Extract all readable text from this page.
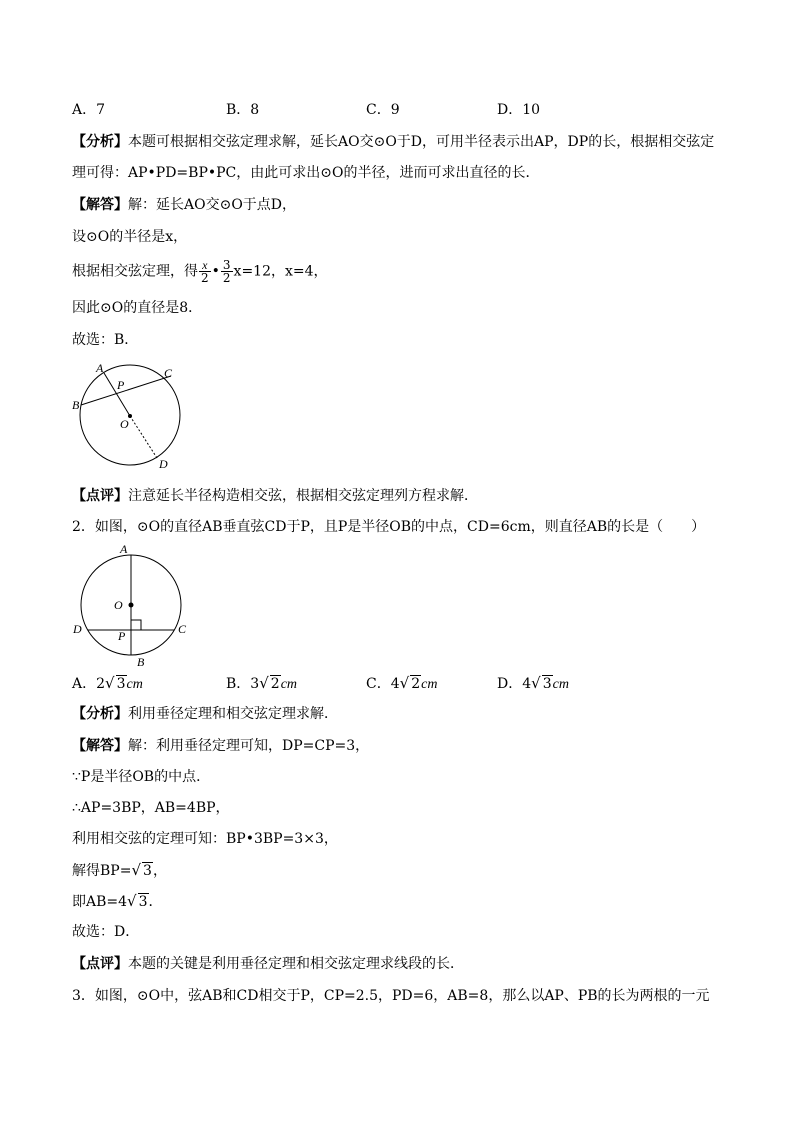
A．7	B．8	C．9	D．10
【分析】本题可根据相交弦定理求解，延长AO交⊙O于D，可用半径表示出AP，DP的长，根据相交弦定
理可得：AP•PD=BP•PC，由此可求出⊙O的半径，进而可求出直径的长．
【解答】解：延长AO交⊙O于点D，
设⊙O的半径是x，
根据相交弦定理，得 $\frac{x}{2}$ • $\frac{3}{2} x=12$，x=4，
因此⊙O的直径是8．
故选：B．
A
P
C
B
O
D
【点评】注意延长半径构造相交弦，根据相交弦定理列方程求解．
2．如图，⊙O的直径AB垂直弦CD于P，且P是半径OB的中点，CD=6cm，则直径AB的长是（　　）
A
O
D	P	C
B
A．2√ 3cm	B．3√ 2cm	C．4√ 2cm	D．4√ 3cm
【分析】利用垂径定理和相交弦定理求解．
【解答】解：利用垂径定理可知，DP=CP=3，
∵P是半径OB的中点．
∴AP=3BP，AB=4BP，
利用相交弦的定理可知：BP•3BP=3×3，
解得BP=√ 3，
即AB=4√ 3．
故选：D．
【点评】本题的关键是利用垂径定理和相交弦定理求线段的长．
3．如图，⊙O中，弦AB和CD相交于P，CP=2.5，PD=6，AB=8，那么以AP、PB的长为两根的一元
